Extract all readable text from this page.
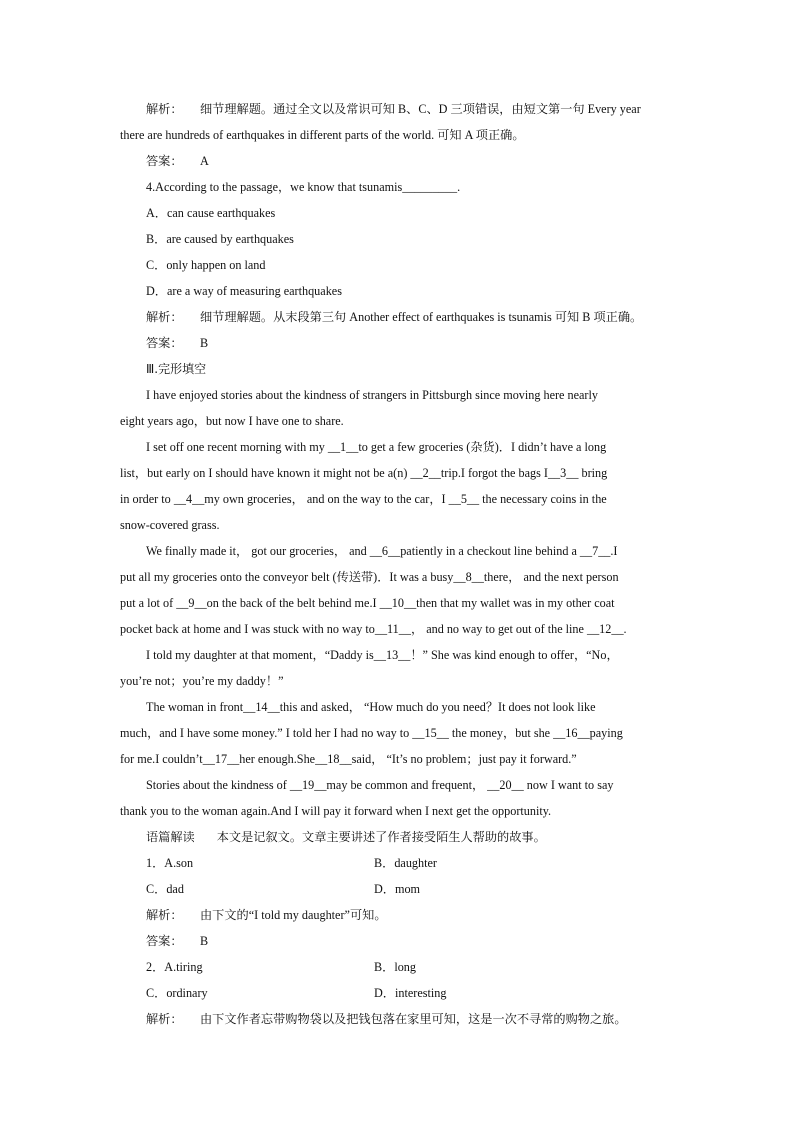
解析： 细节理解题。通过全文以及常识可知 B、C、D 三项错误，由短文第一句 Every year
there are hundreds of earthquakes in different parts of the world. 可知 A 项正确。
答案： A
4.According to the passage，we know that tsunamis_________.
A．can cause earthquakes
B．are caused by earthquakes
C．only happen on land
D．are a way of measuring earthquakes
解析： 细节理解题。从末段第三句 Another effect of earthquakes is tsunamis 可知 B 项正确。
答案： B
Ⅲ.完形填空
I have enjoyed stories about the kindness of strangers in Pittsburgh since moving here nearly
eight years ago，but now I have one to share.
I set off one recent morning with my __1__to get a few groceries (杂货)．I didn’t have a long
list，but early on I should have known it might not be a(n) __2__trip.I forgot the bags I__3__ bring
in order to __4__my own groceries， and on the way to the car，I __5__ the necessary coins in the
snow-covered grass.
We finally made it， got our groceries， and __6__patiently in a checkout line behind a __7__.I
put all my groceries onto the conveyor belt (传送带)．It was a busy__8__there， and the next person
put a lot of __9__on the back of the belt behind me.I __10__then that my wallet was in my other coat
pocket back at home and I was stuck with no way to__11__， and no way to get out of the line __12__.
I told my daughter at that moment，“Daddy is__13__！” She was kind enough to offer，“No，
you’re not；you’re my daddy！”
The woman in front__14__this and asked， “How much do you need？It does not look like
much，and I have some money.” I told her I had no way to __15__ the money，but she __16__paying
for me.I couldn’t__17__her enough.She__18__said， “It’s no problem；just pay it forward.”
Stories about the kindness of __19__may be common and frequent， __20__ now I want to say
thank you to the woman again.And I will pay it forward when I next get the opportunity.
语篇解读 本文是记叙文。文章主要讲述了作者接受陌生人帮助的故事。
1．A.son	B．daughter
C．dad	D．mom
解析： 由下文的“I told my daughter”可知。
答案： B
2．A.tiring	B．long
C．ordinary	D．interesting
解析： 由下文作者忘带购物袋以及把钱包落在家里可知，这是一次不寻常的购物之旅。
